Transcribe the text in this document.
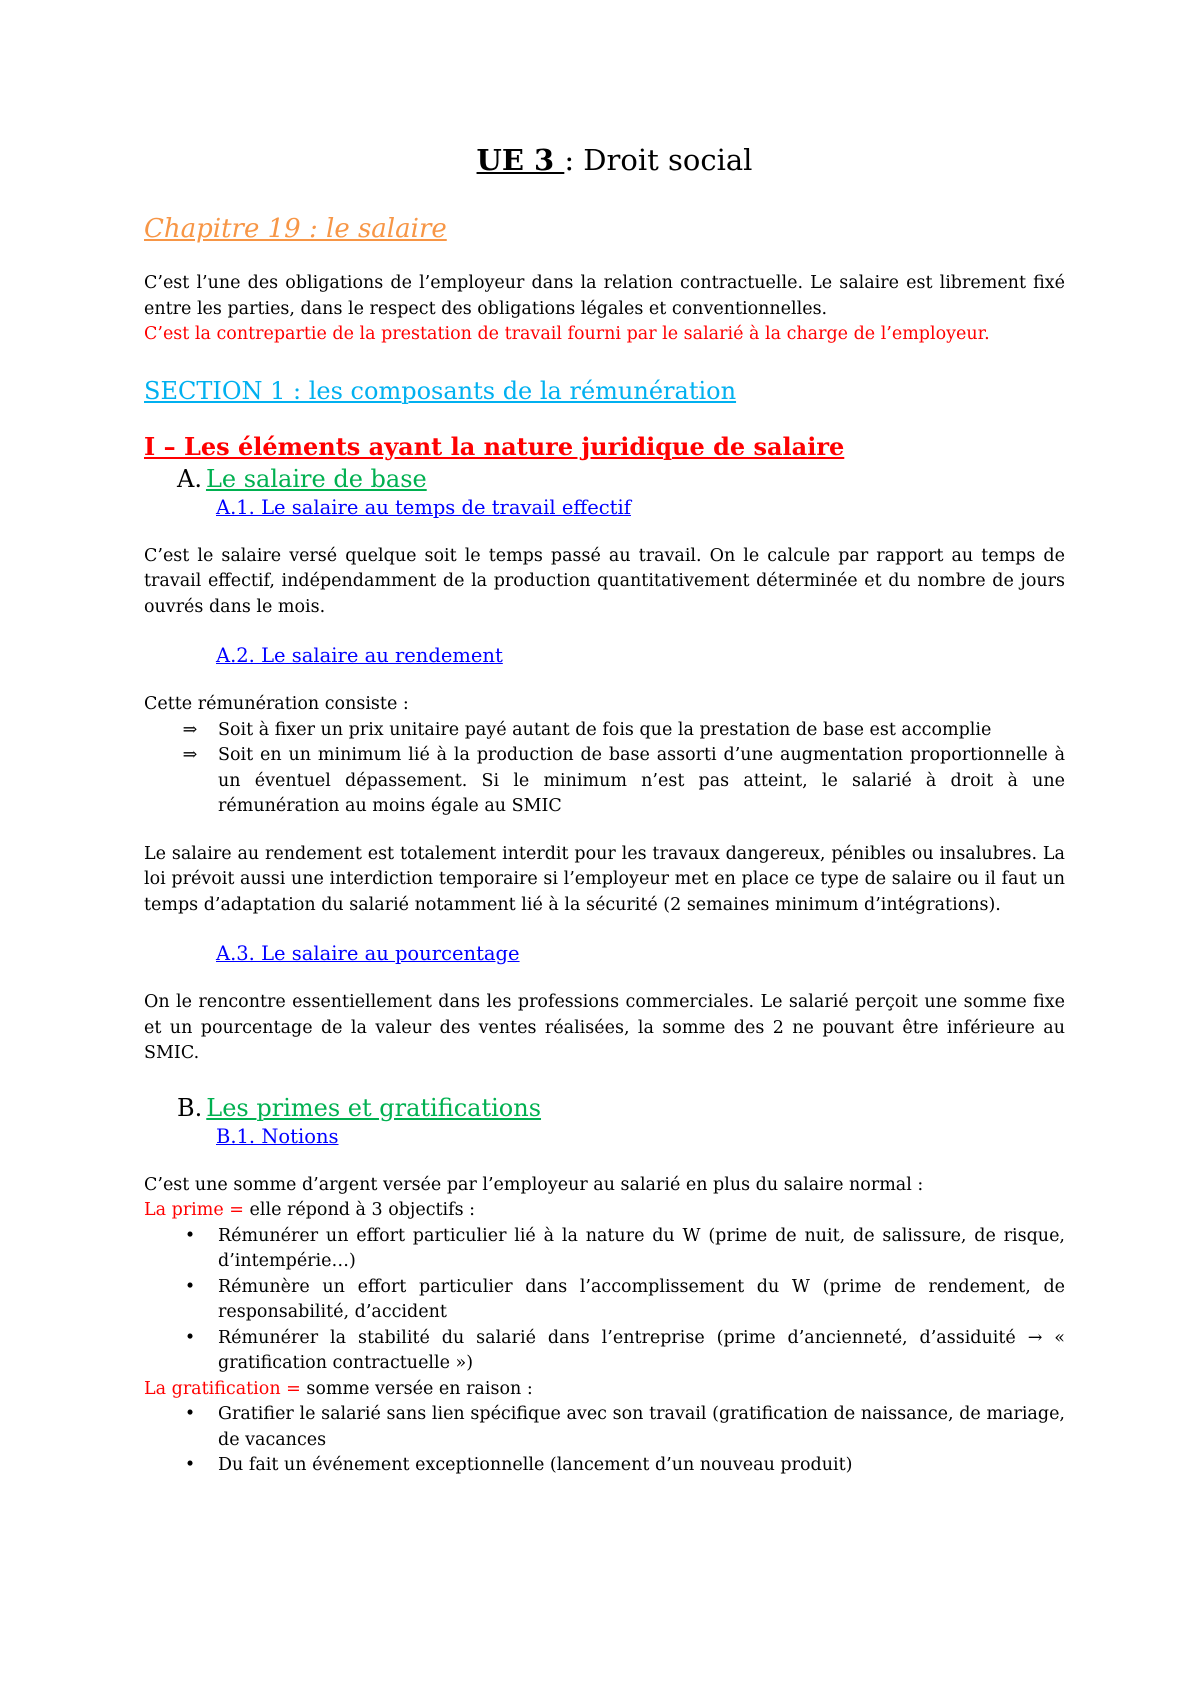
UE 3 : Droit social
Chapitre 19 : le salaire

C’est l’une des obligations de l’employeur dans la relation contractuelle. Le salaire est librement fixé entre les parties, dans le respect des obligations légales et conventionnelles.

C’est la contrepartie de la prestation de travail fourni par le salarié à la charge de l’employeur.

SECTION 1 : les composants de la rémunération
I – Les éléments ayant la nature juridique de salaire
A. Le salaire de base
A.1. Le salaire au temps de travail effectif

C’est le salaire versé quelque soit le temps passé au travail. On le calcule par rapport au temps de travail effectif, indépendamment de la production quantitativement déterminée et du nombre de jours ouvrés dans le mois.

A.2. Le salaire au rendement

Cette rémunération consiste :

⇒ Soit à fixer un prix unitaire payé autant de fois que la prestation de base est accomplie
⇒ Soit en un minimum lié à la production de base assorti d’une augmentation proportionnelle à un éventuel dépassement. Si le minimum n’est pas atteint, le salarié à droit à une rémunération au moins égale au SMIC

Le salaire au rendement est totalement interdit pour les travaux dangereux, pénibles ou insalubres. La loi prévoit aussi une interdiction temporaire si l’employeur met en place ce type de salaire ou il faut un temps d’adaptation du salarié notamment lié à la sécurité (2 semaines minimum d’intégrations).

A.3. Le salaire au pourcentage

On le rencontre essentiellement dans les professions commerciales. Le salarié perçoit une somme fixe et un pourcentage de la valeur des ventes réalisées, la somme des 2 ne pouvant être inférieure au SMIC.

B. Les primes et gratifications
B.1. Notions

C’est une somme d’argent versée par l’employeur au salarié en plus du salaire normal :

La prime = elle répond à 3 objectifs :

• Rémunérer un effort particulier lié à la nature du W (prime de nuit, de salissure, de risque, d’intempérie…)
• Rémunère un effort particulier dans l’accomplissement du W (prime de rendement, de responsabilité, d’accident
• Rémunérer la stabilité du salarié dans l’entreprise (prime d’ancienneté, d’assiduité → « gratification contractuelle »)

La gratification = somme versée en raison :

• Gratifier le salarié sans lien spécifique avec son travail (gratification de naissance, de mariage, de vacances
• Du fait un événement exceptionnelle (lancement d’un nouveau produit)
